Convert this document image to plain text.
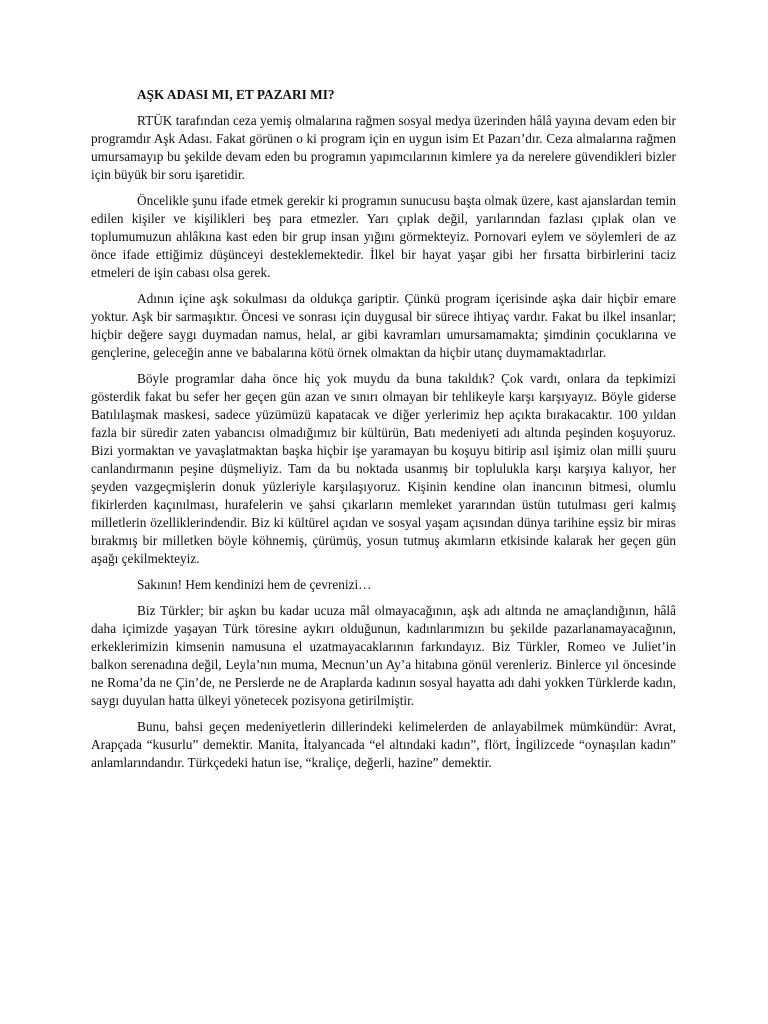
AŞK ADASI MI, ET PAZARI MI?

RTÜK tarafından ceza yemiş olmalarına rağmen sosyal medya üzerinden hâlâ yayına devam eden bir programdır Aşk Adası. Fakat görünen o ki program için en uygun isim Et Pazarı’dır. Ceza almalarına rağmen umursamayıp bu şekilde devam eden bu programın yapımcılarının kimlere ya da nerelere güvendikleri bizler için büyük bir soru işaretidir.

Öncelikle şunu ifade etmek gerekir ki programın sunucusu başta olmak üzere, kast ajanslardan temin edilen kişiler ve kişilikleri beş para etmezler. Yarı çıplak değil, yarılarından fazlası çıplak olan ve toplumumuzun ahlâkına kast eden bir grup insan yığını görmekteyiz. Pornovari eylem ve söylemleri de az önce ifade ettiğimiz düşünceyi desteklemektedir. İlkel bir hayat yaşar gibi her fırsatta birbirlerini taciz etmeleri de işin cabası olsa gerek.

Adının içine aşk sokulması da oldukça gariptir. Çünkü program içerisinde aşka dair hiçbir emare yoktur. Aşk bir sarmaşıktır. Öncesi ve sonrası için duygusal bir sürece ihtiyaç vardır. Fakat bu ilkel insanlar; hiçbir değere saygı duymadan namus, helal, ar gibi kavramları umursamamakta; şimdinin çocuklarına ve gençlerine, geleceğin anne ve babalarına kötü örnek olmaktan da hiçbir utanç duymamaktadırlar.

Böyle programlar daha önce hiç yok muydu da buna takıldık? Çok vardı, onlara da tepkimizi gösterdik fakat bu sefer her geçen gün azan ve sınırı olmayan bir tehlikeyle karşı karşıyayız. Böyle giderse Batılılaşmak maskesi, sadece yüzümüzü kapatacak ve diğer yerlerimiz hep açıkta bırakacaktır. 100 yıldan fazla bir süredir zaten yabancısı olmadığımız bir kültürün, Batı medeniyeti adı altında peşinden koşuyoruz. Bizi yormaktan ve yavaşlatmaktan başka hiçbir işe yaramayan bu koşuyu bitirip asıl işimiz olan milli şuuru canlandırmanın peşine düşmeliyiz. Tam da bu noktada usanmış bir toplulukla karşı karşıya kalıyor, her şeyden vazgeçmişlerin donuk yüzleriyle karşılaşıyoruz. Kişinin kendine olan inancının bitmesi, olumlu fikirlerden kaçınılması, hurafelerin ve şahsi çıkarların memleket yararından üstün tutulması geri kalmış milletlerin özelliklerindendir. Biz ki kültürel açıdan ve sosyal yaşam açısından dünya tarihine eşsiz bir miras bırakmış bir milletken böyle köhnemiş, çürümüş, yosun tutmuş akımların etkisinde kalarak her geçen gün aşağı çekilmekteyiz.

Sakının! Hem kendinizi hem de çevrenizi…

Biz Türkler; bir aşkın bu kadar ucuza mâl olmayacağının, aşk adı altında ne amaçlandığının, hâlâ daha içimizde yaşayan Türk töresine aykırı olduğunun, kadınlarımızın bu şekilde pazarlanamayacağının, erkeklerimizin kimsenin namusuna el uzatmayacaklarının farkındayız. Biz Türkler, Romeo ve Juliet’in balkon serenadına değil, Leyla’nın muma, Mecnun’un Ay’a hitabına gönül verenleriz. Binlerce yıl öncesinde ne Roma’da ne Çin’de, ne Perslerde ne de Araplarda kadının sosyal hayatta adı dahi yokken Türklerde kadın, saygı duyulan hatta ülkeyi yönetecek pozisyona getirilmiştir.

Bunu, bahsi geçen medeniyetlerin dillerindeki kelimelerden de anlayabilmek mümkündür: Avrat, Arapçada “kusurlu” demektir. Manita, İtalyancada “el altındaki kadın”, flört, İngilizcede “oynaşılan kadın” anlamlarındandır. Türkçedeki hatun ise, “kraliçe, değerli, hazine” demektir.
